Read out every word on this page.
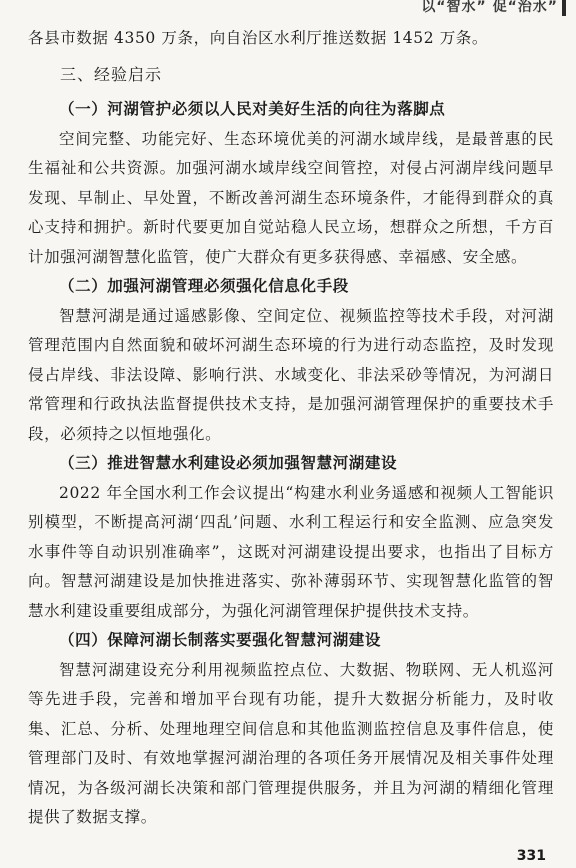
以“智水” 促“治水”

各县市数据 4350 万条，向自治区水利厅推送数据 1452 万条。

三、经验启示
（一）河湖管护必须以人民对美好生活的向往为落脚点

空间完整、功能完好、生态环境优美的河湖水域岸线，是最普惠的民生福祉和公共资源。加强河湖水域岸线空间管控，对侵占河湖岸线问题早发现、早制止、早处置，不断改善河湖生态环境条件，才能得到群众的真心支持和拥护。新时代要更加自觉站稳人民立场，想群众之所想，千方百计加强河湖智慧化监管，使广大群众有更多获得感、幸福感、安全感。

（二）加强河湖管理必须强化信息化手段

智慧河湖是通过遥感影像、空间定位、视频监控等技术手段，对河湖管理范围内自然面貌和破坏河湖生态环境的行为进行动态监控，及时发现侵占岸线、非法设障、影响行洪、水域变化、非法采砂等情况，为河湖日常管理和行政执法监督提供技术支持，是加强河湖管理保护的重要技术手段，必须持之以恒地强化。

（三）推进智慧水利建设必须加强智慧河湖建设

2022 年全国水利工作会议提出“构建水利业务遥感和视频人工智能识别模型，不断提高河湖‘四乱’问题、水利工程运行和安全监测、应急突发水事件等自动识别准确率”，这既对河湖建设提出要求，也指出了目标方向。智慧河湖建设是加快推进落实、弥补薄弱环节、实现智慧化监管的智慧水利建设重要组成部分，为强化河湖管理保护提供技术支持。

（四）保障河湖长制落实要强化智慧河湖建设

智慧河湖建设充分利用视频监控点位、大数据、物联网、无人机巡河等先进手段，完善和增加平台现有功能，提升大数据分析能力，及时收集、汇总、分析、处理地理空间信息和其他监测监控信息及事件信息，使管理部门及时、有效地掌握河湖治理的各项任务开展情况及相关事件处理情况，为各级河湖长决策和部门管理提供服务，并且为河湖的精细化管理提供了数据支撑。

331
